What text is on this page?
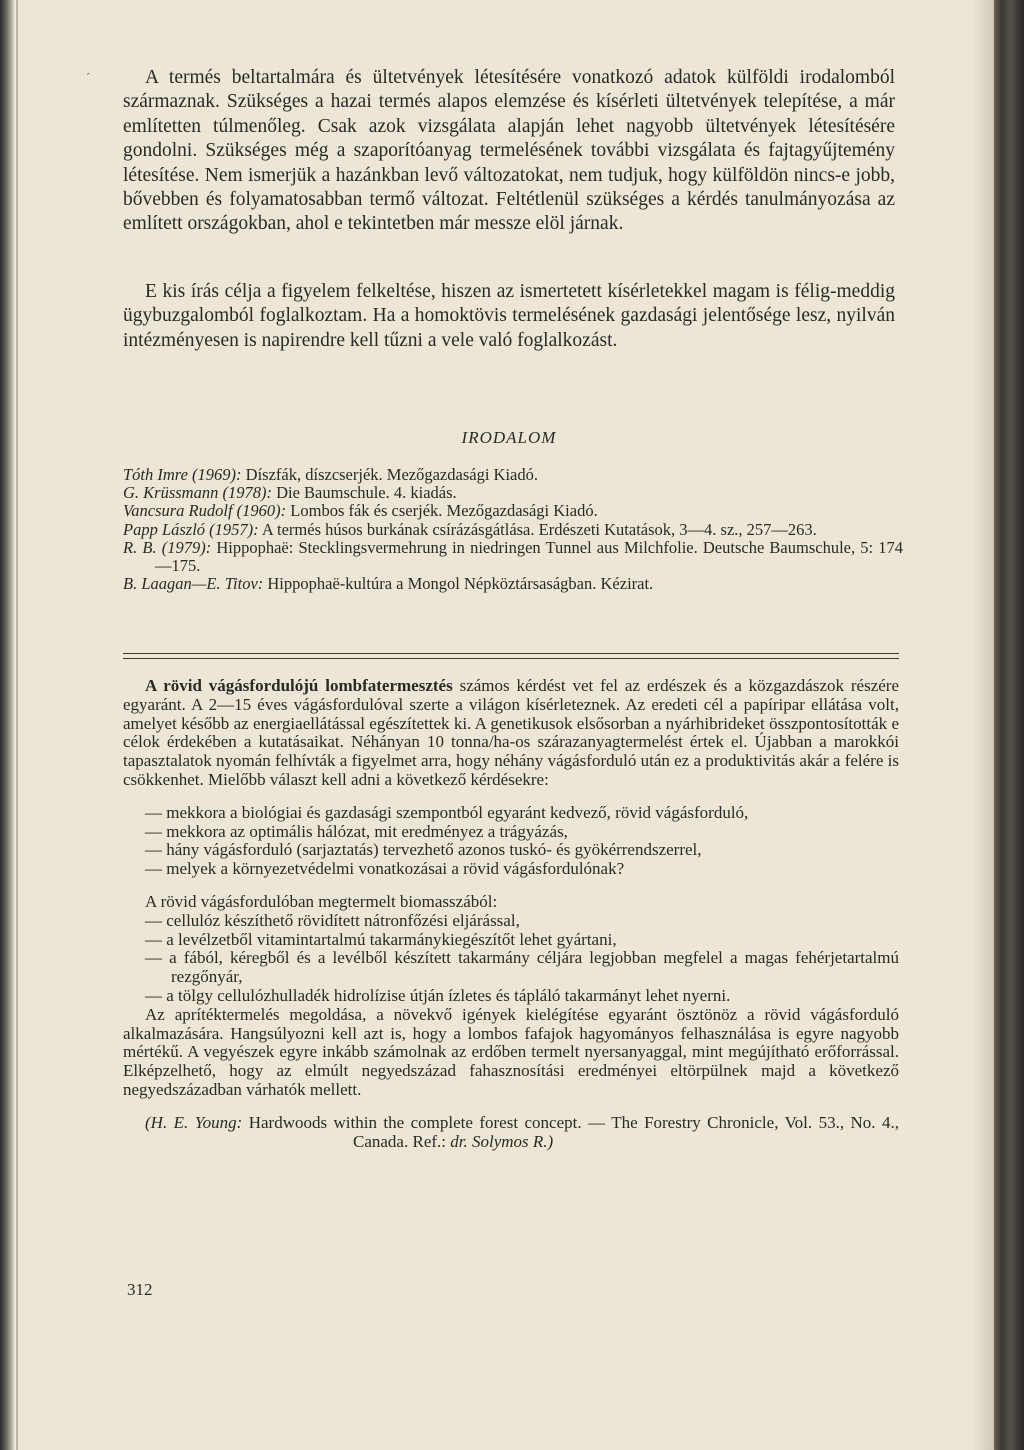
´	A termés beltartalmára és ültetvények létesítésére vonatkozó adatok külföldi irodalomból származnak. Szükséges a hazai termés alapos elemzése és kísérleti ültetvények telepítése, a már említetten túlmenőleg. Csak azok vizsgálata alapján lehet nagyobb ültetvények létesítésére gondolni. Szükséges még a szaporítóanyag termelésének további vizsgálata és fajtagyűjtemény létesítése. Nem ismerjük a hazánkban levő változatokat, nem tudjuk, hogy külföldön nincs-e jobb, bővebben és folyamatosabban termő változat. Feltétlenül szükséges a kérdés tanulmányozása az említett országokban, ahol e tekintetben már messze elöl járnak.

E kis írás célja a figyelem felkeltése, hiszen az ismertetett kísérletekkel magam is félig-meddig ügybuzgalomból foglalkoztam. Ha a homoktövis termelésének gazdasági jelentősége lesz, nyilván intézményesen is napirendre kell tűzni a vele való foglalkozást.

IRODALOM

Tóth Imre (1969): Díszfák, díszcserjék. Mezőgazdasági Kiadó.

G. Krüssmann (1978): Die Baumschule. 4. kiadás.

Vancsura Rudolf (1960): Lombos fák és cserjék. Mezőgazdasági Kiadó.

Papp László (1957): A termés húsos burkának csírázásgátlása. Erdészeti Kutatások, 3—4. sz., 257—263.

R. B. (1979): Hippophaë: Stecklingsvermehrung in niedringen Tunnel aus Milchfolie. Deutsche Baumschule, 5: 174—175.

B. Laagan—E. Titov: Hippophaë-kultúra a Mongol Népköztársaságban. Kézirat.

A rövid vágásfordulójú lombfatermesztés számos kérdést vet fel az erdészek és a közgazdászok részére egyaránt. A 2—15 éves vágásfordulóval szerte a világon kísérleteznek. Az eredeti cél a papíripar ellátása volt, amelyet később az energiaellátással egészítettek ki. A genetikusok elsősorban a nyárhibrideket összpontosították e célok érdekében a kutatásaikat. Néhányan 10 tonna/ha-os szárazanyagtermelést értek el. Újabban a marokkói tapasztalatok nyomán felhívták a figyelmet arra, hogy néhány vágásforduló után ez a produktivitás akár a felére is csökkenhet. Mielőbb választ kell adni a következő kérdésekre:

— mekkora a biológiai és gazdasági szempontból egyaránt kedvező, rövid vágásforduló,

— mekkora az optimális hálózat, mit eredményez a trágyázás,

— hány vágásforduló (sarjaztatás) tervezhető azonos tuskó- és gyökérrendszerrel,

— melyek a környezetvédelmi vonatkozásai a rövid vágásfordulónak?

A rövid vágásfordulóban megtermelt biomasszából:

— cellulóz készíthető rövidített nátronfőzési eljárással,

— a levélzetből vitamintartalmú takarmánykiegészítőt lehet gyártani,

— a fából, kéregből és a levélből készített takarmány céljára legjobban megfelel a magas fehérjetartalmú rezgőnyár,

— a tölgy cellulózhulladék hidrolízise útján ízletes és tápláló takarmányt lehet nyerni.

Az aprítéktermelés megoldása, a növekvő igények kielégítése egyaránt ösztönöz a rövid vágásforduló alkalmazására. Hangsúlyozni kell azt is, hogy a lombos fafajok hagyományos felhasználása is egyre nagyobb mértékű. A vegyészek egyre inkább számolnak az erdőben termelt nyersanyaggal, mint megújítható erőforrással. Elképzelhető, hogy az elmúlt negyedszázad fahasznosítási eredményei eltörpülnek majd a következő negyedszázadban várhatók mellett.

(H. E. Young: Hardwoods within the complete forest concept. — The Forestry Chronicle, Vol. 53., No. 4., Canada. Ref.: dr. Solymos R.)

312
